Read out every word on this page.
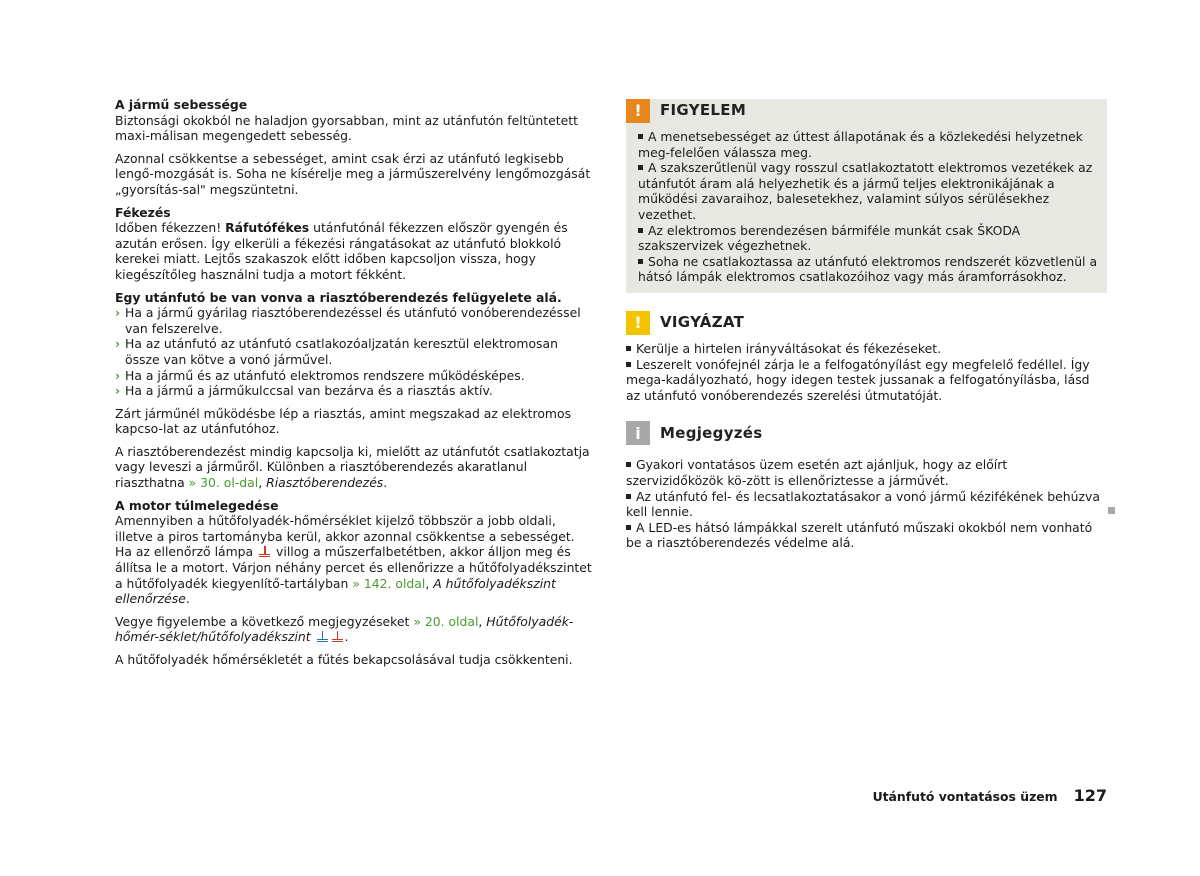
A jármű sebessége
Biztonsági okokból ne haladjon gyorsabban, mint az utánfutón feltüntetett maxi-málisan megengedett sebesség.

Azonnal csökkentse a sebességet, amint csak érzi az utánfutó legkisebb lengő-mozgását is. Soha ne kísérelje meg a járműszerelvény lengőmozgását „gyorsítás-sal" megszüntetni.

Fékezés
Időben fékezzen! Ráfutófékes utánfutónál fékezzen először gyengén és azután erősen. Így elkerüli a fékezési rángatásokat az utánfutó blokkoló kerekei miatt. Lejtős szakaszok előtt időben kapcsoljon vissza, hogy kiegészítőleg használni tudja a motort fékként.

Egy utánfutó be van vonva a riasztóberendezés felügyelete alá.
› Ha a jármű gyárilag riasztóberendezéssel és utánfutó vonóberendezéssel van felszerelve.
› Ha az utánfutó az utánfutó csatlakozóaljzatán keresztül elektromosan össze van kötve a vonó járművel.
› Ha a jármű és az utánfutó elektromos rendszere működésképes.
› Ha a jármű a járműkulccsal van bezárva és a riasztás aktív.

Zárt járműnél működésbe lép a riasztás, amint megszakad az elektromos kapcso-lat az utánfutóhoz.

A riasztóberendezést mindig kapcsolja ki, mielőtt az utánfutót csatlakoztatja vagy leveszi a járműről. Különben a riasztóberendezés akaratlanul riaszthatna » 30. ol-dal, Riasztóberendezés.

A motor túlmelegedése
Amennyiben a hűtőfolyadék-hőmérséklet kijelző többször a jobb oldali, illetve a piros tartományba kerül, akkor azonnal csökkentse a sebességet. Ha az ellenőrző lámpa villog a műszerfalbetétben, akkor álljon meg és állítsa le a motort. Várjon néhány percet és ellenőrizze a hűtőfolyadékszintet a hűtőfolyadék kiegyenlítő-tartályban » 142. oldal, A hűtőfolyadékszint ellenőrzése.

Vegye figyelembe a következő megjegyzéseket » 20. oldal, Hűtőfolyadék-hőmér-séklet/hűtőfolyadékszint	.

A hűtőfolyadék hőmérsékletét a fűtés bekapcsolásával tudja csökkenteni.

!	FIGYELEM
A menetsebességet az úttest állapotának és a közlekedési helyzetnek meg-felelően válassza meg.
A szakszerűtlenül vagy rosszul csatlakoztatott elektromos vezetékek az utánfutót áram alá helyezhetik és a jármű teljes elektronikájának a működési zavaraihoz, balesetekhez, valamint súlyos sérülésekhez vezethet.
Az elektromos berendezésen bármiféle munkát csak ŠKODA szakszervizek végezhetnek.
Soha ne csatlakoztassa az utánfutó elektromos rendszerét közvetlenül a hátsó lámpák elektromos csatlakozóihoz vagy más áramforrásokhoz.
!	VIGYÁZAT
Kerülje a hirtelen irányváltásokat és fékezéseket.
Leszerelt vonófejnél zárja le a felfogatónyílást egy megfelelő fedéllel. Így mega-kadályozható, hogy idegen testek jussanak a felfogatónyílásba, lásd az utánfutó vonóberendezés szerelési útmutatóját.
i	Megjegyzés
Gyakori vontatásos üzem esetén azt ajánljuk, hogy az előírt szervizidőközök kö-zött is ellenőriztesse a járművét.
Az utánfutó fel- és lecsatlakoztatásakor a vonó jármű kézifékének behúzva kell lennie.
A LED-es hátsó lámpákkal szerelt utánfutó műszaki okokból nem vonható be a riasztóberendezés védelme alá.
Utánfutó vontatásos üzem 127
